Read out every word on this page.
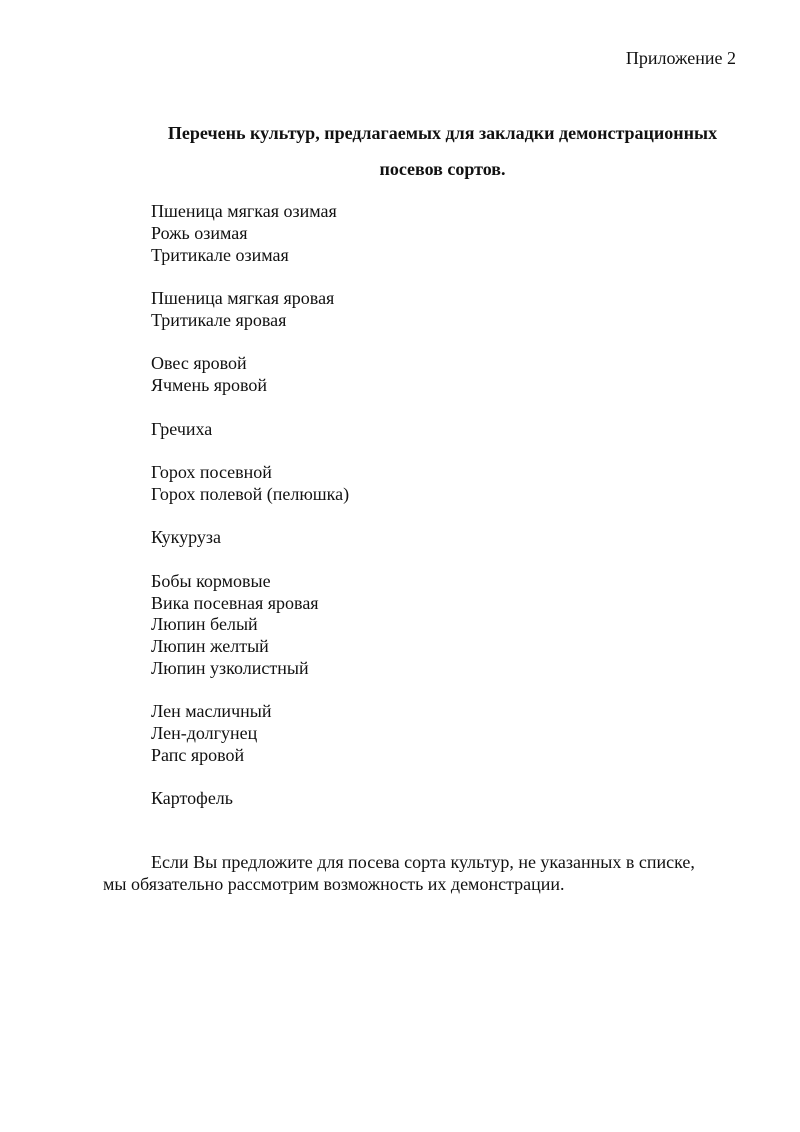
Приложение 2
Перечень культур, предлагаемых для закладки демонстрационных
посевов сортов.
Пшеница мягкая озимая
Рожь озимая
Тритикале озимая
Пшеница мягкая яровая
Тритикале яровая
Овес яровой
Ячмень яровой
Гречиха
Горох посевной
Горох полевой (пелюшка)
Кукуруза
Бобы кормовые
Вика посевная яровая
Люпин белый
Люпин желтый
Люпин узколистный
Лен масличный
Лен-долгунец
Рапс яровой
Картофель
Если Вы предложите для посева сорта культур, не указанных в списке,
мы обязательно рассмотрим возможность их демонстрации.
